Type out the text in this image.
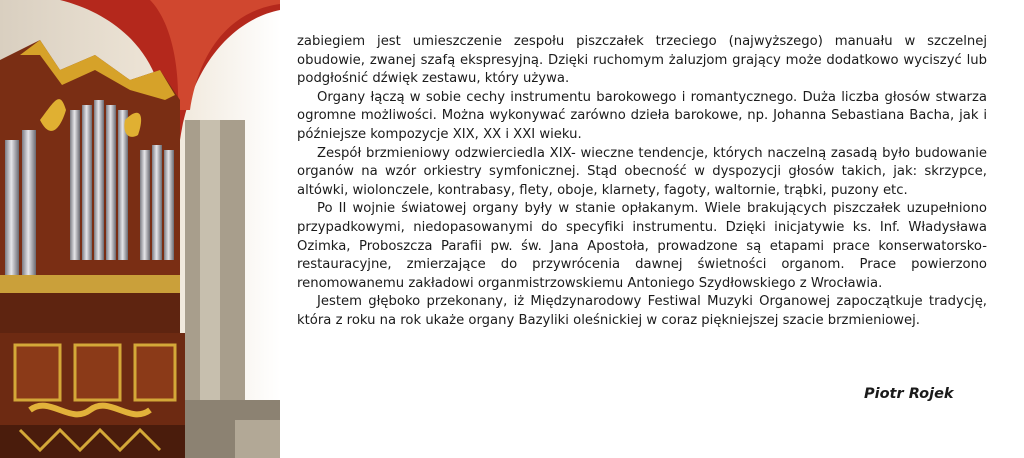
zabiegiem jest umieszczenie zespołu piszczałek trzeciego (najwyższego) manuału w szczelnej obudowie, zwanej szafą ekspresyjną. Dzięki ruchomym żaluzjom grający może dodatkowo wyciszyć lub podgłośnić dźwięk zestawu, który używa.

Organy łączą w sobie cechy instrumentu barokowego i romantycznego. Duża liczba głosów stwarza ogromne możliwości. Można wykonywać zarówno dzieła barokowe, np. Johanna Sebastiana Bacha, jak i późniejsze kompozycje XIX, XX i XXI wieku.

Zespół brzmieniowy odzwierciedla XIX- wieczne tendencje, których naczelną zasadą było budowanie organów na wzór orkiestry symfonicznej. Stąd obecność w dyspozycji głosów takich, jak: skrzypce, altówki, wiolonczele, kontrabasy, flety, oboje, klarnety, fagoty, waltornie, trąbki, puzony etc.

Po II wojnie światowej organy były w stanie opłakanym. Wiele brakujących piszczałek uzupełniono przypadkowymi, niedopasowanymi do specyfiki instrumentu. Dzięki inicjatywie ks. Inf. Władysława Ozimka, Proboszcza Parafii pw. św. Jana Apostoła, prowadzone są etapami prace konserwatorsko- restauracyjne, zmierzające do przywrócenia dawnej świetności organom. Prace powierzono renomowanemu zakładowi organmistrzowskiemu Antoniego Szydłowskiego z Wrocławia.

Jestem głęboko przekonany, iż Międzynarodowy Festiwal Muzyki Organowej zapoczątkuje tradycję, która z roku na rok ukaże organy Bazyliki oleśnickiej w coraz piękniejszej szacie brzmieniowej.

Piotr Rojek
